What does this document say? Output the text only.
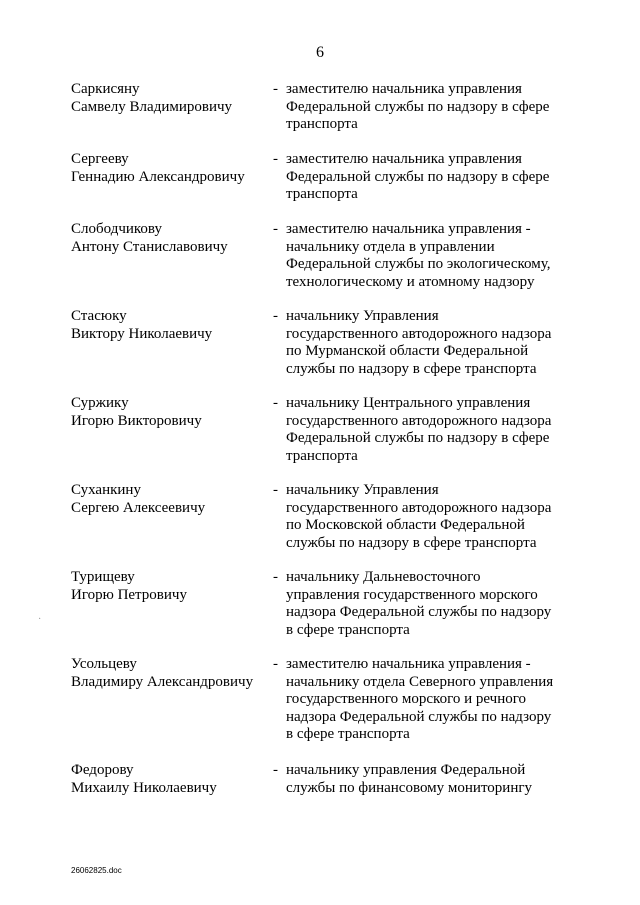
6
Саркисяну
Самвелу Владимировичу
- заместителю начальника управления
Федеральной службы по надзору в сфере
транспорта
Сергееву
Геннадию Александровичу
- заместителю начальника управления
Федеральной службы по надзору в сфере
транспорта
Слободчикову
Антону Станиславовичу
- заместителю начальника управления -
начальнику отдела в управлении
Федеральной службы по экологическому,
технологическому и атомному надзору
Стасюку
Виктору Николаевичу
- начальнику Управления
государственного автодорожного надзора
по Мурманской области Федеральной
службы по надзору в сфере транспорта
Суржику
Игорю Викторовичу
- начальнику Центрального управления
государственного автодорожного надзора
Федеральной службы по надзору в сфере
транспорта
Суханкину
Сергею Алексеевичу
- начальнику Управления
государственного автодорожного надзора
по Московской области Федеральной
службы по надзору в сфере транспорта
Турищеву
Игорю Петровичу
- начальнику Дальневосточного
управления государственного морского
надзора Федеральной службы по надзору
в сфере транспорта
Усольцеву
Владимиру Александровичу
- заместителю начальника управления -
начальнику отдела Северного управления
государственного морского и речного
надзора Федеральной службы по надзору
в сфере транспорта
Федорову
Михаилу Николаевичу
- начальнику управления Федеральной
службы по финансовому мониторингу
·
26062825.doc
